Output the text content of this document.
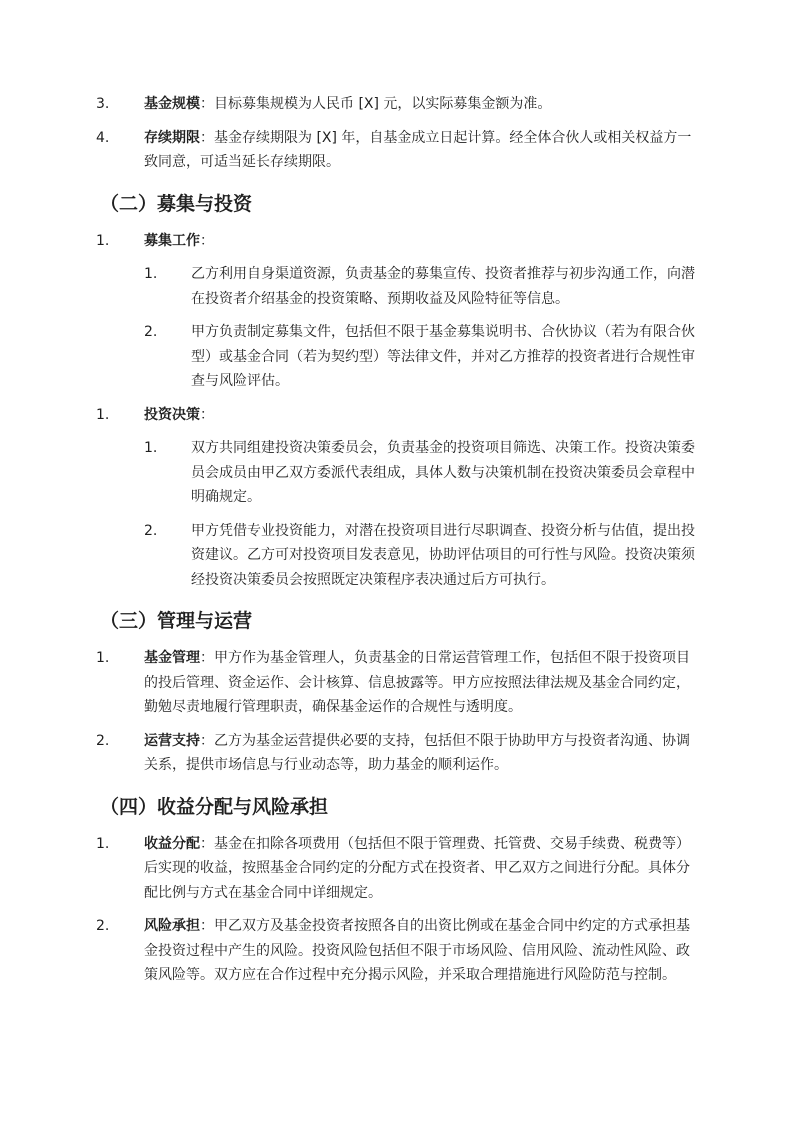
3. 基金规模：目标募集规模为人民币 [X] 元，以实际募集金额为准。
4. 存续期限：基金存续期限为 [X] 年，自基金成立日起计算。经全体合伙人或相关权益方一致同意，可适当延长存续期限。
（二）募集与投资
1. 募集工作：
1. 乙方利用自身渠道资源，负责基金的募集宣传、投资者推荐与初步沟通工作，向潜在投资者介绍基金的投资策略、预期收益及风险特征等信息。
2. 甲方负责制定募集文件，包括但不限于基金募集说明书、合伙协议（若为有限合伙型）或基金合同（若为契约型）等法律文件，并对乙方推荐的投资者进行合规性审查与风险评估。
1. 投资决策：
1. 双方共同组建投资决策委员会，负责基金的投资项目筛选、决策工作。投资决策委员会成员由甲乙双方委派代表组成，具体人数与决策机制在投资决策委员会章程中明确规定。
2. 甲方凭借专业投资能力，对潜在投资项目进行尽职调查、投资分析与估值，提出投资建议。乙方可对投资项目发表意见，协助评估项目的可行性与风险。投资决策须经投资决策委员会按照既定决策程序表决通过后方可执行。
（三）管理与运营
1. 基金管理：甲方作为基金管理人，负责基金的日常运营管理工作，包括但不限于投资项目的投后管理、资金运作、会计核算、信息披露等。甲方应按照法律法规及基金合同约定，勤勉尽责地履行管理职责，确保基金运作的合规性与透明度。
2. 运营支持：乙方为基金运营提供必要的支持，包括但不限于协助甲方与投资者沟通、协调关系，提供市场信息与行业动态等，助力基金的顺利运作。
（四）收益分配与风险承担
1. 收益分配：基金在扣除各项费用（包括但不限于管理费、托管费、交易手续费、税费等）后实现的收益，按照基金合同约定的分配方式在投资者、甲乙双方之间进行分配。具体分配比例与方式在基金合同中详细规定。
2. 风险承担：甲乙双方及基金投资者按照各自的出资比例或在基金合同中约定的方式承担基金投资过程中产生的风险。投资风险包括但不限于市场风险、信用风险、流动性风险、政策风险等。双方应在合作过程中充分揭示风险，并采取合理措施进行风险防范与控制。
